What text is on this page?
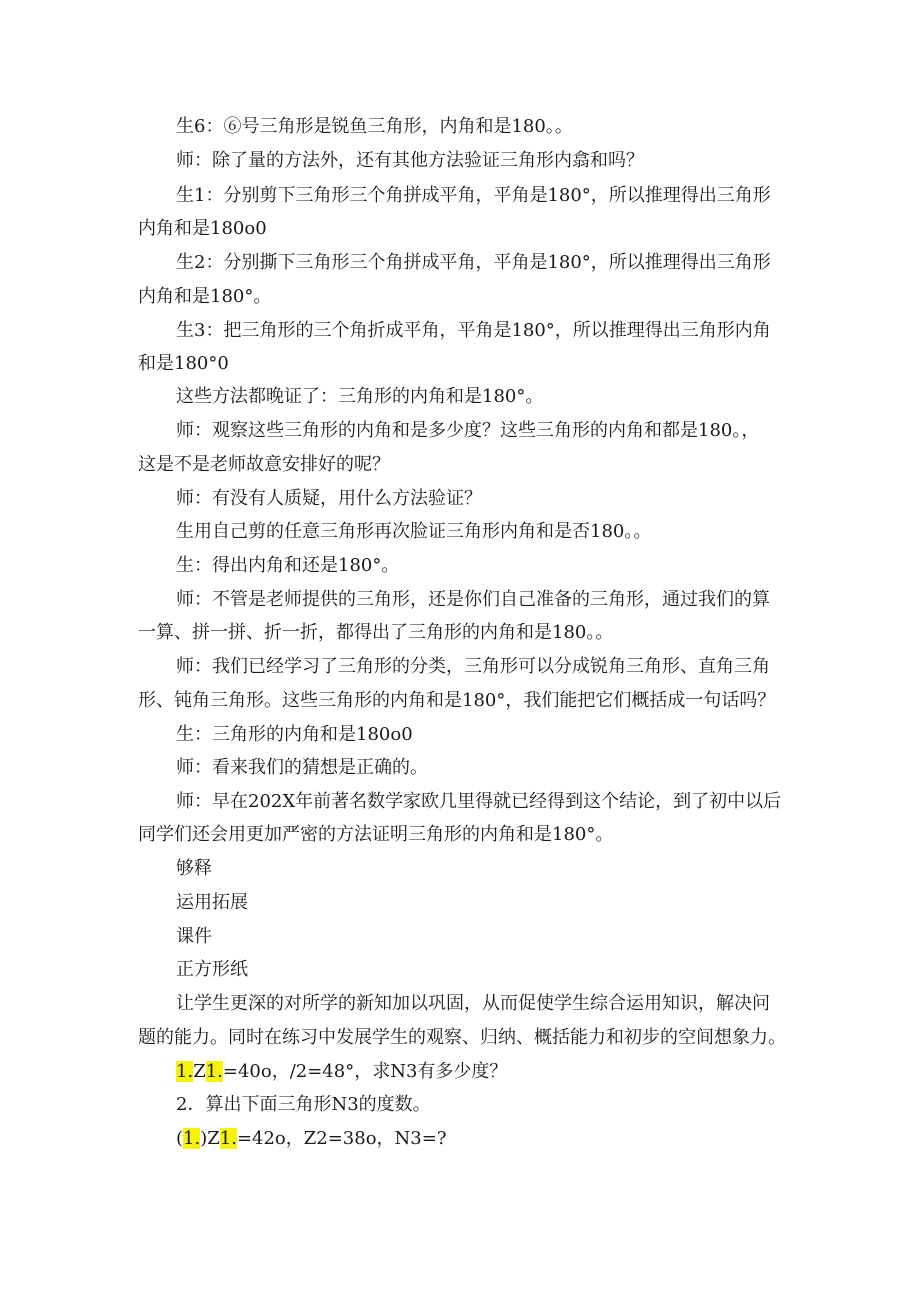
生6：⑥号三角形是锐鱼三角形，内角和是180。。
师：除了量的方法外，还有其他方法验证三角形内翕和吗？
生1：分别剪下三角形三个角拼成平角，平角是180°，所以推理得出三角形
内角和是180o0
生2：分别撕下三角形三个角拼成平角，平角是180°，所以推理得出三角形
内角和是180°。
生3：把三角形的三个角折成平角，平角是180°，所以推理得出三角形内角
和是180°0
这些方法都晚证了：三角形的内角和是180°。
师：观察这些三角形的内角和是多少度？这些三角形的内角和都是180。，
这是不是老师故意安排好的呢？
师：有没有人质疑，用什么方法验证？
生用自己剪的任意三角形再次脸证三角形内角和是否180。。
生：得出内角和还是180°。
师：不管是老师提供的三角形，还是你们自己准备的三角形，通过我们的算
一算、拼一拼、折一折，都得出了三角形的内角和是180。。
师：我们已经学习了三角形的分类，三角形可以分成锐角三角形、直角三角
形、钝角三角形。这些三角形的内角和是180°，我们能把它们概括成一句话吗？
生：三角形的内角和是180o0
师：看来我们的猜想是正确的。
师：早在202X年前著名数学家欧几里得就已经得到这个结论，到了初中以后
同学们还会用更加严密的方法证明三角形的内角和是180°。
够释
运用拓展
课件
正方形纸
让学生更深的对所学的新知加以巩固，从而促使学生综合运用知识，解决问
题的能力。同时在练习中发展学生的观察、归纳、概括能力和初步的空间想象力。
1.Z1.=40o，/2=48°，求N3有多少度？
2．算出下面三角形N3的度数。
(1.)Z1.=42o，Z2=38o，N3=?
